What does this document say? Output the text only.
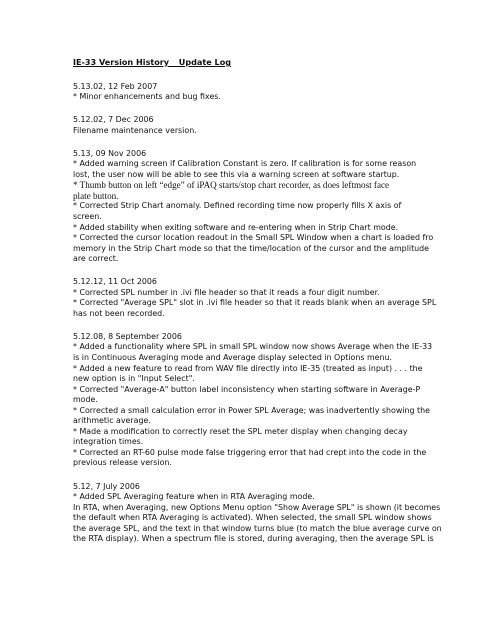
IE-33 Version History _ Update Log
5.13.02, 12 Feb 2007
* Minor enhancements and bug fixes.
5.12.02, 7 Dec 2006
Filename maintenance version.
5.13, 09 Nov 2006
* Added warning screen if Calibration Constant is zero. If calibration is for some reason
lost, the user now will be able to see this via a warning screen at software startup.
* Thumb button on left “edge” of iPAQ starts/stop chart recorder, as does leftmost face
plate button.
* Corrected Strip Chart anomaly. Defined recording time now properly fills X axis of
screen.
* Added stability when exiting software and re-entering when in Strip Chart mode.
* Corrected the cursor location readout in the Small SPL Window when a chart is loaded fro
memory in the Strip Chart mode so that the time/location of the cursor and the amplitude
are correct.
5.12.12, 11 Oct 2006
* Corrected SPL number in .ivi file header so that it reads a four digit number.
* Corrected "Average SPL" slot in .ivi file header so that it reads blank when an average SPL
has not been recorded.
5.12.08, 8 September 2006
* Added a functionality where SPL in small SPL window now shows Average when the IE-33
is in Continuous Averaging mode and Average display selected in Options menu.
* Added a new feature to read from WAV file directly into IE-35 (treated as input) . . . the
new option is in "Input Select".
* Corrected "Average-A" button label inconsistency when starting software in Average-P
mode.
* Corrected a small calculation error in Power SPL Average; was inadvertently showing the
arithmetic average.
* Made a modification to correctly reset the SPL meter display when changing decay
integration times.
* Corrected an RT-60 pulse mode false triggering error that had crept into the code in the
previous release version.
5.12, 7 July 2006
* Added SPL Averaging feature when in RTA Averaging mode.
In RTA, when Averaging, new Options Menu option "Show Average SPL" is shown (it becomes
the default when RTA Averaging is activated). When selected, the small SPL window shows
the average SPL, and the text in that window turns blue (to match the blue average curve on
the RTA display). When a spectrum file is stored, during averaging, then the average SPL is
